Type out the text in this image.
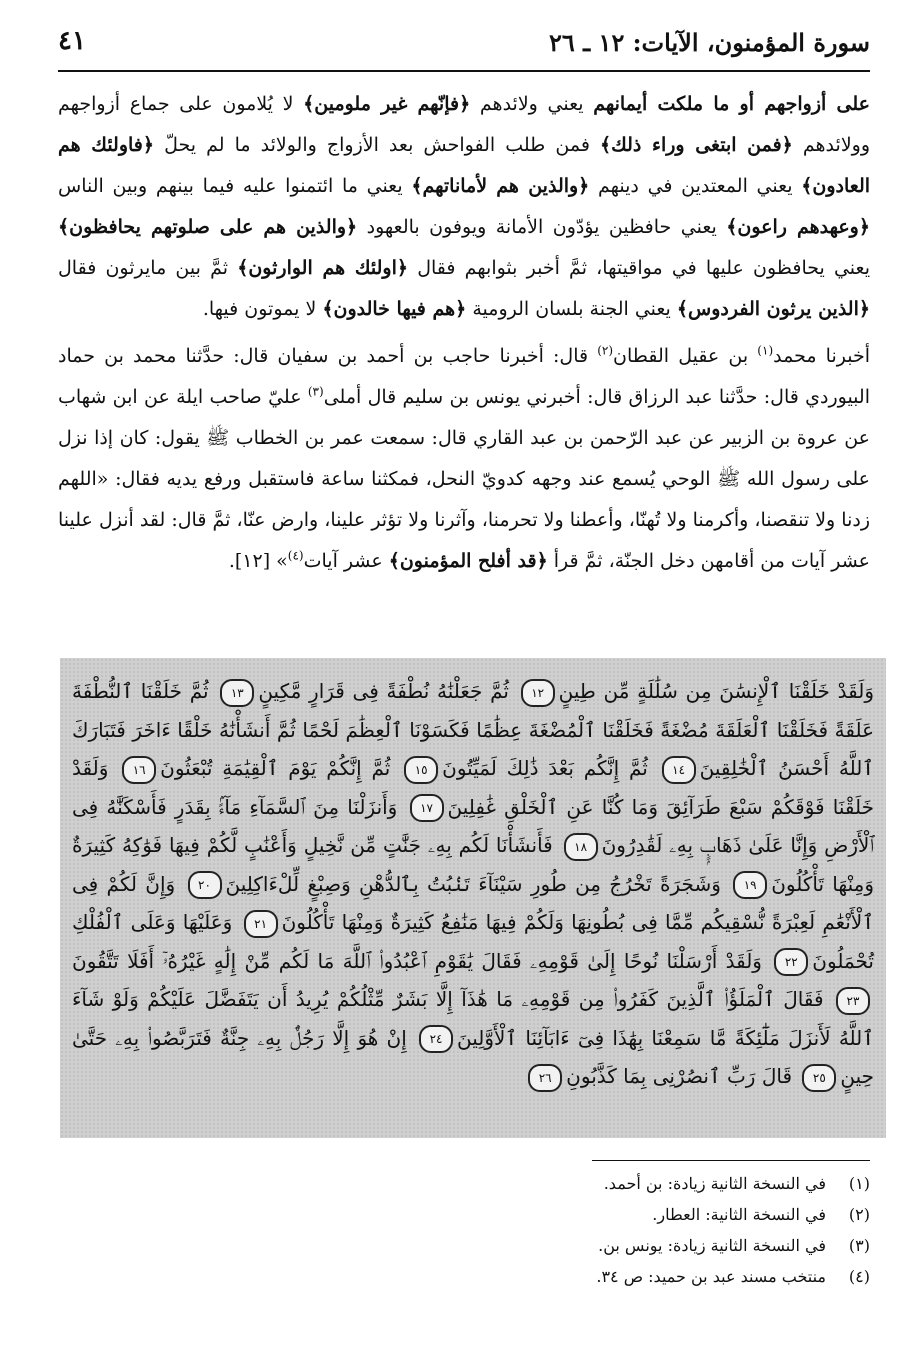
سورة المؤمنون، الآيات: ١٢ ـ ٢٦
٤١

على أزواجهم أو ما ملكت أيمانهم يعني ولائدهم ﴿فإنّهم غير ملومين﴾ لا يُلامون على جماع أزواجهم وولائدهم ﴿فمن ابتغى وراء ذلك﴾ فمن طلب الفواحش بعد الأزواج والولائد ما لم يحلّ ﴿فاولئك هم العادون﴾ يعني المعتدين في دينهم ﴿والذين هم لأماناتهم﴾ يعني ما ائتمنوا عليه فيما بينهم وبين الناس ﴿وعهدهم راعون﴾ يعني حافظين يؤدّون الأمانة ويوفون بالعهود ﴿والذين هم على صلوتهم يحافظون﴾ يعني يحافظون عليها في مواقيتها، ثمَّ أخبر بثوابهم فقال ﴿اولئك هم الوارثون﴾ ثمَّ بين مايرثون فقال ﴿الذين يرثون الفردوس﴾ يعني الجنة بلسان الرومية ﴿هم فيها خالدون﴾ لا يموتون فيها.

أخبرنا محمد$^{(١)}$ بن عقيل القطان$^{(٢)}$ قال: أخبرنا حاجب بن أحمد بن سفيان قال: حدَّثنا محمد بن حماد البيوردي قال: حدَّثنا عبد الرزاق قال: أخبرني يونس بن سليم قال أملى$^{(٣)}$ عليّ صاحب ايلة عن ابن شهاب عن عروة بن الزبير عن عبد الرّحمن بن عبد القاري قال: سمعت عمر بن الخطاب ﷺ يقول: كان إذا نزل على رسول الله ﷺ الوحي يُسمع عند وجهه كدويّ النحل، فمكثنا ساعة فاستقبل ورفع يديه فقال: «اللهم زدنا ولا تنقصنا، وأكرمنا ولا تُهنّا، وأعطنا ولا تحرمنا، وآثرنا ولا تؤثر علينا، وارض عنّا، ثمَّ قال: لقد أنزل علينا عشر آيات من أقامهن دخل الجنّة، ثمَّ قرأ ﴿قد أفلح المؤمنون﴾ عشر آيات$^{(٤)}$» [١٢].

وَلَقَدْ خَلَقْنَا ٱلْإِنسَٰنَ مِن سُلَٰلَةٍ مِّن طِينٍ١٢ ثُمَّ جَعَلْنَٰهُ نُطْفَةً فِى قَرَارٍ مَّكِينٍ١٣ ثُمَّ خَلَقْنَا ٱلنُّطْفَةَ عَلَقَةً فَخَلَقْنَا ٱلْعَلَقَةَ مُضْغَةً فَخَلَقْنَا ٱلْمُضْغَةَ عِظَٰمًا فَكَسَوْنَا ٱلْعِظَٰمَ لَحْمًا ثُمَّ أَنشَأْنَٰهُ خَلْقًا ءَاخَرَ فَتَبَارَكَ ٱللَّهُ أَحْسَنُ ٱلْخَٰلِقِينَ١٤ ثُمَّ إِنَّكُم بَعْدَ ذَٰلِكَ لَمَيِّتُونَ١٥ ثُمَّ إِنَّكُمْ يَوْمَ ٱلْقِيَٰمَةِ تُبْعَثُونَ١٦ وَلَقَدْ خَلَقْنَا فَوْقَكُمْ سَبْعَ طَرَآئِقَ وَمَا كُنَّا عَنِ ٱلْخَلْقِ غَٰفِلِينَ١٧ وَأَنزَلْنَا مِنَ ٱلسَّمَآءِ مَآءًۢ بِقَدَرٍ فَأَسْكَنَّٰهُ فِى ٱلْأَرْضِ وَإِنَّا عَلَىٰ ذَهَابٍۭ بِهِۦ لَقَٰدِرُونَ١٨ فَأَنشَأْنَا لَكُم بِهِۦ جَنَّٰتٍ مِّن نَّخِيلٍ وَأَعْنَٰبٍ لَّكُمْ فِيهَا فَوَٰكِهُ كَثِيرَةٌ وَمِنْهَا تَأْكُلُونَ١٩ وَشَجَرَةً تَخْرُجُ مِن طُورِ سَيْنَآءَ تَنۢبُتُ بِٱلدُّهْنِ وَصِبْغٍ لِّلْءَاكِلِينَ٢٠ وَإِنَّ لَكُمْ فِى ٱلْأَنْعَٰمِ لَعِبْرَةً نُّسْقِيكُم مِّمَّا فِى بُطُونِهَا وَلَكُمْ فِيهَا مَنَٰفِعُ كَثِيرَةٌ وَمِنْهَا تَأْكُلُونَ٢١ وَعَلَيْهَا وَعَلَى ٱلْفُلْكِ تُحْمَلُونَ٢٢ وَلَقَدْ أَرْسَلْنَا نُوحًا إِلَىٰ قَوْمِهِۦ فَقَالَ يَٰقَوْمِ ٱعْبُدُوا۟ ٱللَّهَ مَا لَكُم مِّنْ إِلَٰهٍ غَيْرُهُۥٓ أَفَلَا تَتَّقُونَ٢٣ فَقَالَ ٱلْمَلَؤُا۟ ٱلَّذِينَ كَفَرُوا۟ مِن قَوْمِهِۦ مَا هَٰذَآ إِلَّا بَشَرٌ مِّثْلُكُمْ يُرِيدُ أَن يَتَفَضَّلَ عَلَيْكُمْ وَلَوْ شَآءَ ٱللَّهُ لَأَنزَلَ مَلَٰٓئِكَةً مَّا سَمِعْنَا بِهَٰذَا فِىٓ ءَابَآئِنَا ٱلْأَوَّلِينَ٢٤ إِنْ هُوَ إِلَّا رَجُلٌۢ بِهِۦ جِنَّةٌ فَتَرَبَّصُوا۟ بِهِۦ حَتَّىٰ حِينٍ٢٥ قَالَ رَبِّ ٱنصُرْنِى بِمَا كَذَّبُونِ٢٦
(١)في النسخة الثانية زيادة: بن أحمد.
(٢)في النسخة الثانية: العطار.
(٣)في النسخة الثانية زيادة: يونس بن.
(٤)منتخب مسند عبد بن حميد: ص ٣٤.
